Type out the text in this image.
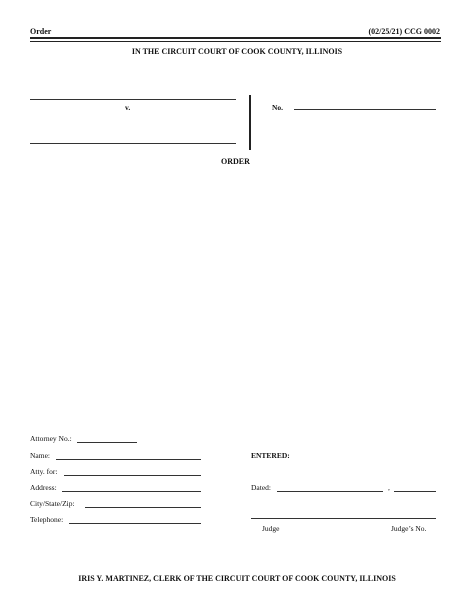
Order	(02/25/21) CCG 0002
IN THE CIRCUIT COURT OF COOK COUNTY, ILLINOIS
v.	No.
ORDER
Attorney No.:
Name:
Atty. for:
Address:
City/State/Zip:
Telephone:
ENTERED:
Dated:	,
Judge	Judge’s No.
IRIS Y. MARTINEZ, CLERK OF THE CIRCUIT COURT OF COOK COUNTY, ILLINOIS
